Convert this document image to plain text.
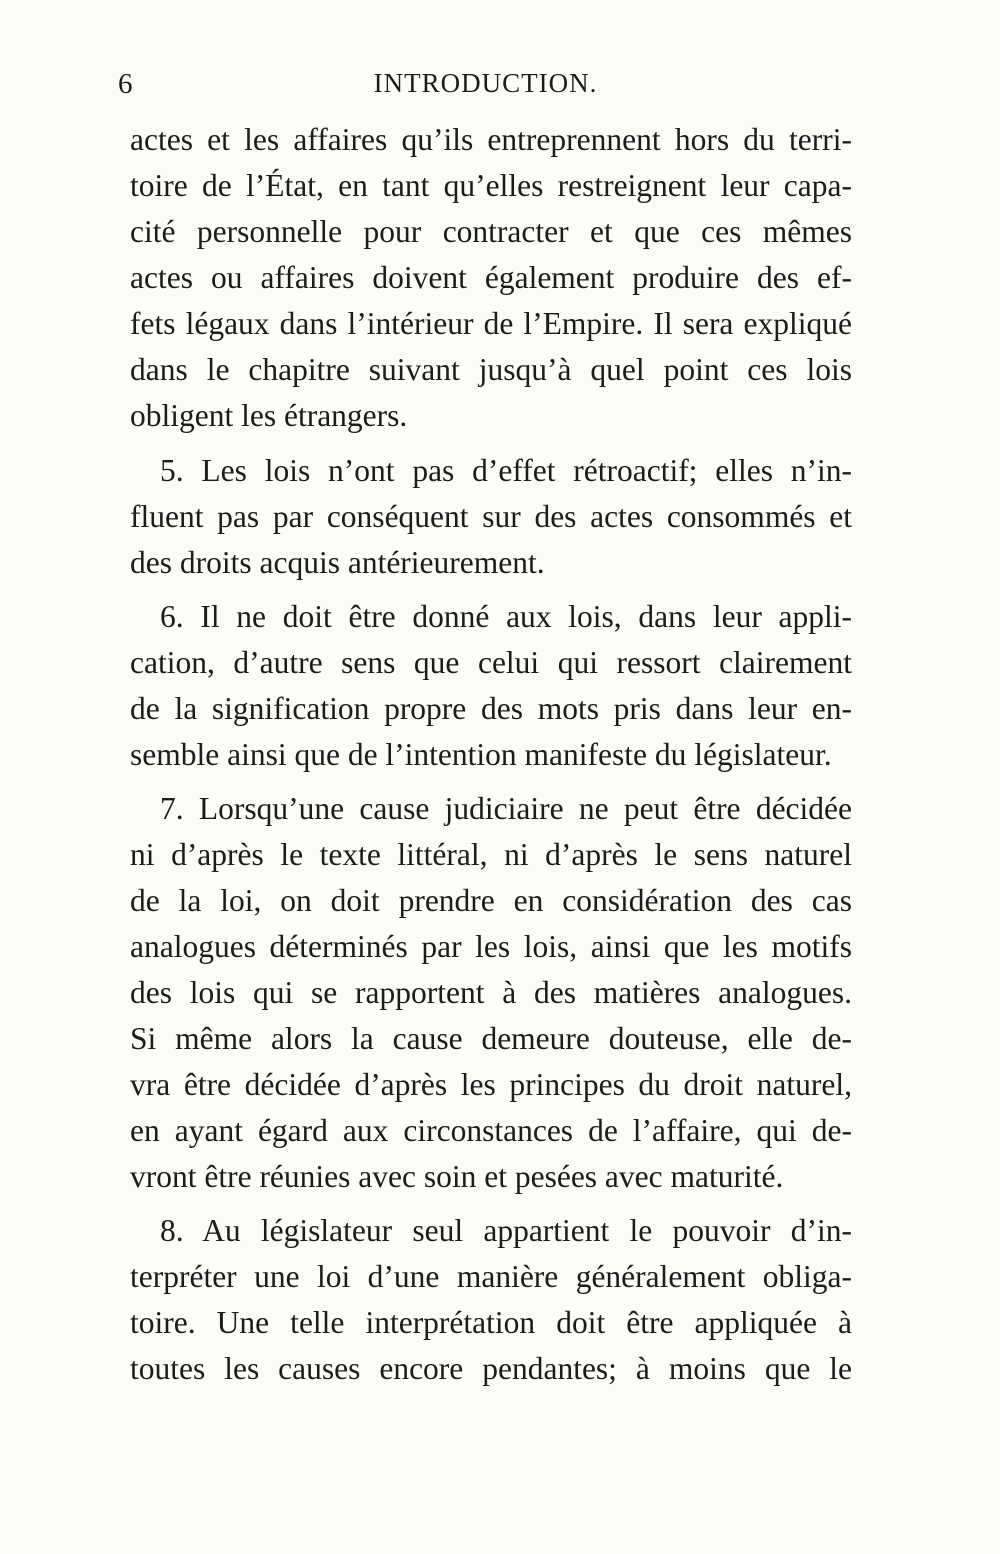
6	INTRODUCTION.
actes et les affaires qu’ils entreprennent hors du terri-
toire de l’État, en tant qu’elles restreignent leur capa-
cité personnelle pour contracter et que ces mêmes
actes ou affaires doivent également produire des ef-
fets légaux dans l’intérieur de l’Empire. Il sera expliqué
dans le chapitre suivant jusqu’à quel point ces lois
obligent les étrangers.
5. Les lois n’ont pas d’effet rétroactif; elles n’in-
fluent pas par conséquent sur des actes consommés et
des droits acquis antérieurement.
6. Il ne doit être donné aux lois, dans leur appli-
cation, d’autre sens que celui qui ressort clairement
de la signification propre des mots pris dans leur en-
semble ainsi que de l’intention manifeste du législateur.
7. Lorsqu’une cause judiciaire ne peut être décidée
ni d’après le texte littéral, ni d’après le sens naturel
de la loi, on doit prendre en considération des cas
analogues déterminés par les lois, ainsi que les motifs
des lois qui se rapportent à des matières analogues.
Si même alors la cause demeure douteuse, elle de-
vra être décidée d’après les principes du droit naturel,
en ayant égard aux circonstances de l’affaire, qui de-
vront être réunies avec soin et pesées avec maturité.
8. Au législateur seul appartient le pouvoir d’in-
terpréter une loi d’une manière généralement obliga-
toire. Une telle interprétation doit être appliquée à
toutes les causes encore pendantes; à moins que le
